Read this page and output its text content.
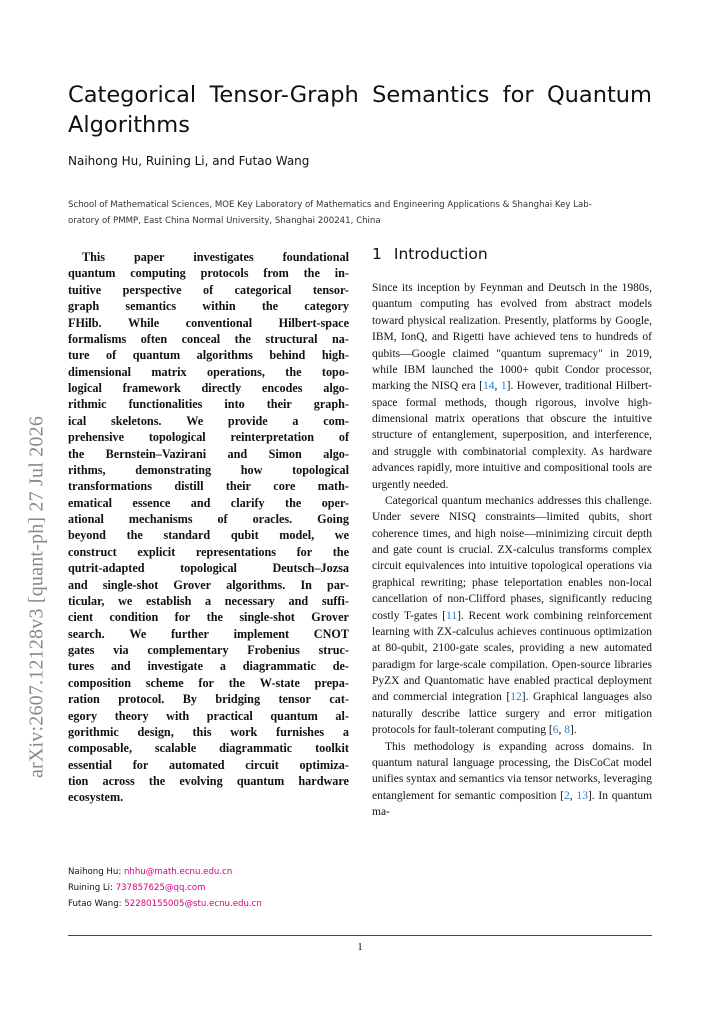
Categorical Tensor-Graph Semantics for Quantum
Algorithms
Naihong Hu, Ruining Li, and Futao Wang
School of Mathematical Sciences, MOE Key Laboratory of Mathematics and Engineering Applications & Shanghai Key Lab-
oratory of PMMP, East China Normal University, Shanghai 200241, China
arXiv:2607.12128v3 [quant-ph] 27 Jul 2026
This paper investigates foundational
quantum computing protocols from the in-
tuitive perspective of categorical tensor-
graph semantics within the category
FHilb. While conventional Hilbert-space
formalisms often conceal the structural na-
ture of quantum algorithms behind high-
dimensional matrix operations, the topo-
logical framework directly encodes algo-
rithmic functionalities into their graph-
ical skeletons. We provide a com-
prehensive topological reinterpretation of
the Bernstein–Vazirani and Simon algo-
rithms, demonstrating how topological
transformations distill their core math-
ematical essence and clarify the oper-
ational mechanisms of oracles. Going
beyond the standard qubit model, we
construct explicit representations for the
qutrit-adapted	topological	Deutsch–Jozsa
and single-shot Grover algorithms. In par-
ticular, we establish a necessary and suffi-
cient condition for the single-shot Grover
search. We further implement CNOT
gates via complementary Frobenius struc-
tures and investigate a diagrammatic de-
composition scheme for the W-state prepa-
ration protocol. By bridging tensor cat-
egory theory with practical quantum al-
gorithmic design, this work furnishes a
composable, scalable diagrammatic toolkit
essential for automated circuit optimiza-
tion across the evolving quantum hardware
ecosystem.
Naihong Hu: nhhu@math.ecnu.edu.cn
Ruining Li: 737857625@qq.com
Futao Wang: 52280155005@stu.ecnu.edu.cn
1 Introduction

Since its inception by Feynman and Deutsch in the 1980s, quantum computing has evolved from abstract models toward physical realization. Presently, platforms by Google, IBM, IonQ, and Rigetti have achieved tens to hundreds of qubits—Google claimed "quantum supremacy" in 2019, while IBM launched the 1000+ qubit Condor processor, marking the NISQ era [14, 1]. However, traditional Hilbert-space formal methods, though rigorous, involve high-dimensional matrix operations that obscure the intuitive structure of entanglement, superposition, and interference, and struggle with combinatorial complexity. As hardware advances rapidly, more intuitive and compositional tools are urgently needed.

Categorical quantum mechanics addresses this challenge. Under severe NISQ constraints—limited qubits, short coherence times, and high noise—minimizing circuit depth and gate count is crucial. ZX-calculus transforms complex circuit equivalences into intuitive topological operations via graphical rewriting; phase teleportation enables non-local cancellation of non-Clifford phases, significantly reducing costly T-gates [11]. Recent work combining reinforcement learning with ZX-calculus achieves continuous optimization at 80-qubit, 2100-gate scales, providing a new automated paradigm for large-scale compilation. Open-source libraries PyZX and Quantomatic have enabled practical deployment and commercial integration [12]. Graphical languages also naturally describe lattice surgery and error mitigation protocols for fault-tolerant computing [6, 8].

This methodology is expanding across domains. In quantum natural language processing, the DisCoCat model unifies syntax and semantics via tensor networks, leveraging entanglement for semantic composition [2, 13]. In quantum ma-

1
